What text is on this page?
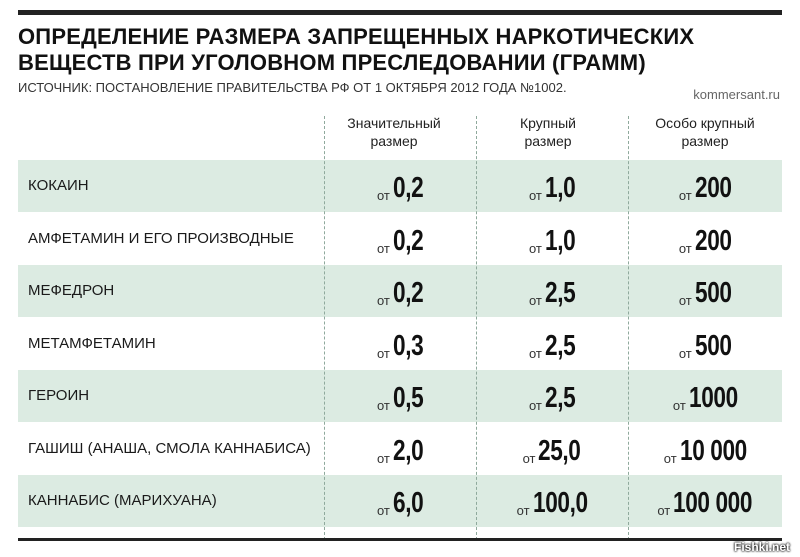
ОПРЕДЕЛЕНИЕ РАЗМЕРА ЗАПРЕЩЕННЫХ НАРКОТИЧЕСКИХ ВЕЩЕСТВ ПРИ УГОЛОВНОМ ПРЕСЛЕДОВАНИИ (ГРАММ)
ИСТОЧНИК: ПОСТАНОВЛЕНИЕ ПРАВИТЕЛЬСТВА РФ ОТ 1 ОКТЯБРЯ 2012 ГОДА №1002.	kommersant.ru
Значительный
размер
Крупный
размер
Особо крупный
размер
КОКАИН
от 0,2	от 1,0	от 200
АМФЕТАМИН И ЕГО ПРОИЗВОДНЫЕ
от 0,2	от 1,0	от 200
МЕФЕДРОН
от 0,2	от 2,5	от 500
МЕТАМФЕТАМИН
от 0,3	от 2,5	от 500
ГЕРОИН
от 0,5	от 2,5	от 1000
ГАШИШ (АНАША, СМОЛА КАННАБИСА)
от 2,0	от 25,0	от 10 000
КАННАБИС (МАРИХУАНА)
от 6,0	от 100,0	от 100 000
Fishki.net
